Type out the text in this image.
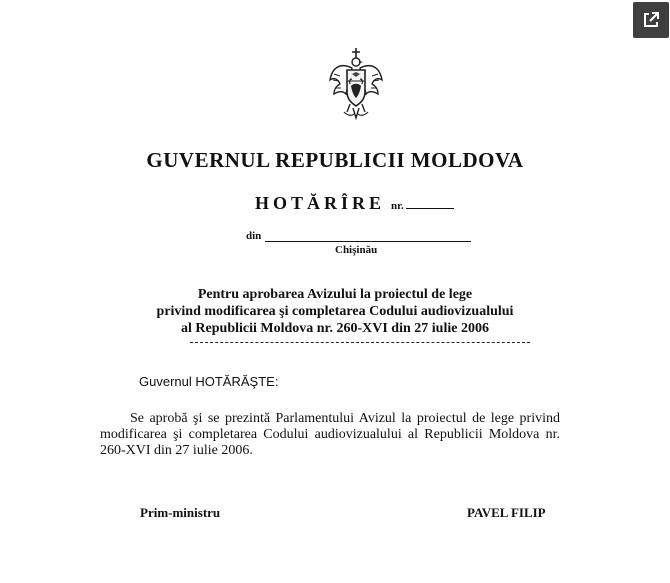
GUVERNUL REPUBLICII MOLDOVA
HOTĂRÎRE nr.
din
Chişinău
Pentru aprobarea Avizului la proiectul de lege
privind modificarea şi completarea Codului audiovizualului
al Republicii Moldova nr. 260-XVI din 27 iulie 2006
Guvernul HOTĂRĂŞTE:
Se aprobă şi se prezintă Parlamentului Avizul la proiectul de lege privind modificarea şi completarea Codului audiovizualului al Republicii Moldova nr. 260-XVI din 27 iulie 2006.
Prim-ministru	PAVEL FILIP
